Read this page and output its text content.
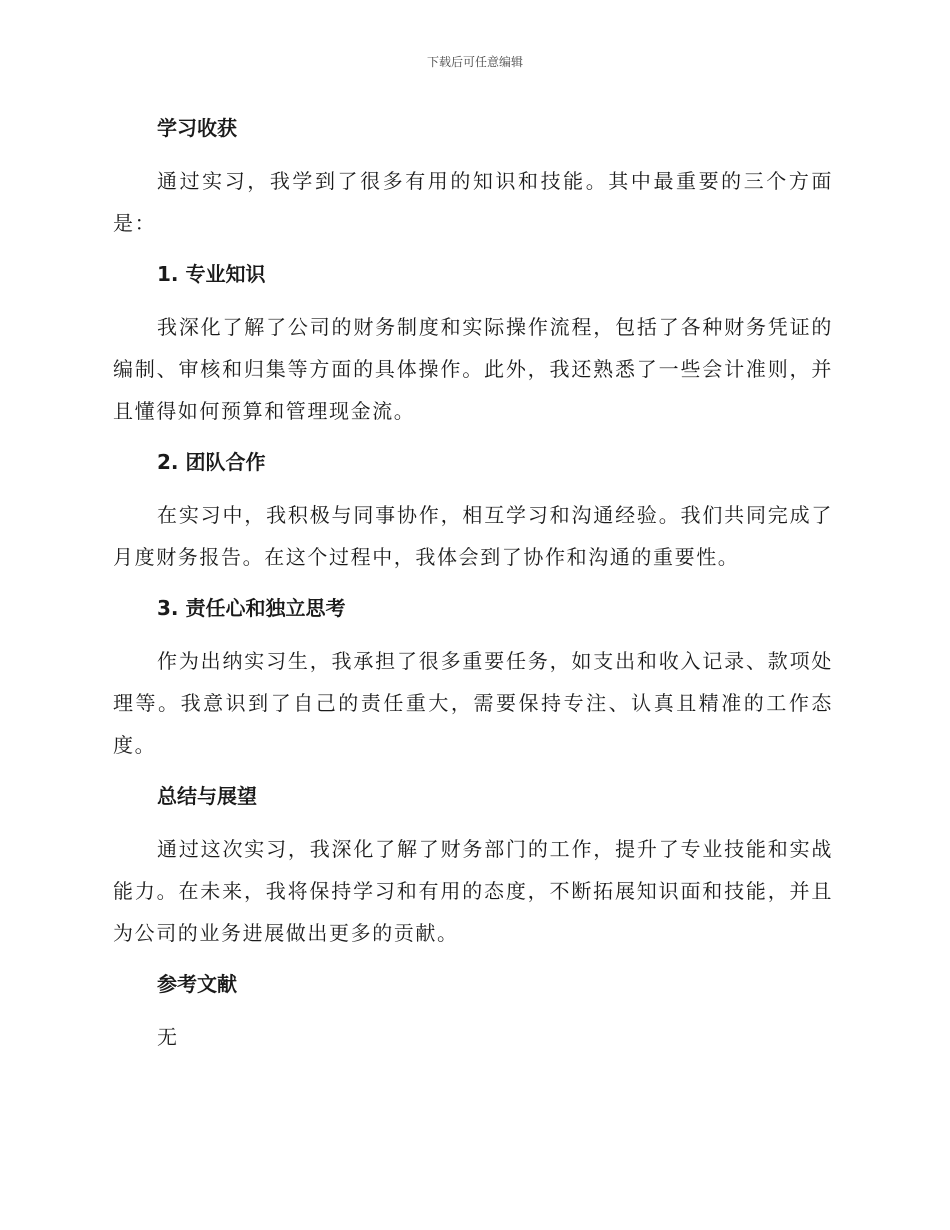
下载后可任意编辑
学习收获

通过实习，我学到了很多有用的知识和技能。其中最重要的三个方面是：

1. 专业知识

我深化了解了公司的财务制度和实际操作流程，包括了各种财务凭证的编制、审核和归集等方面的具体操作。此外，我还熟悉了一些会计准则，并且懂得如何预算和管理现金流。

2. 团队合作

在实习中，我积极与同事协作，相互学习和沟通经验。我们共同完成了月度财务报告。在这个过程中，我体会到了协作和沟通的重要性。

3. 责任心和独立思考

作为出纳实习生，我承担了很多重要任务，如支出和收入记录、款项处理等。我意识到了自己的责任重大，需要保持专注、认真且精准的工作态度。

总结与展望

通过这次实习，我深化了解了财务部门的工作，提升了专业技能和实战能力。在未来，我将保持学习和有用的态度，不断拓展知识面和技能，并且为公司的业务进展做出更多的贡献。

参考文献

无
